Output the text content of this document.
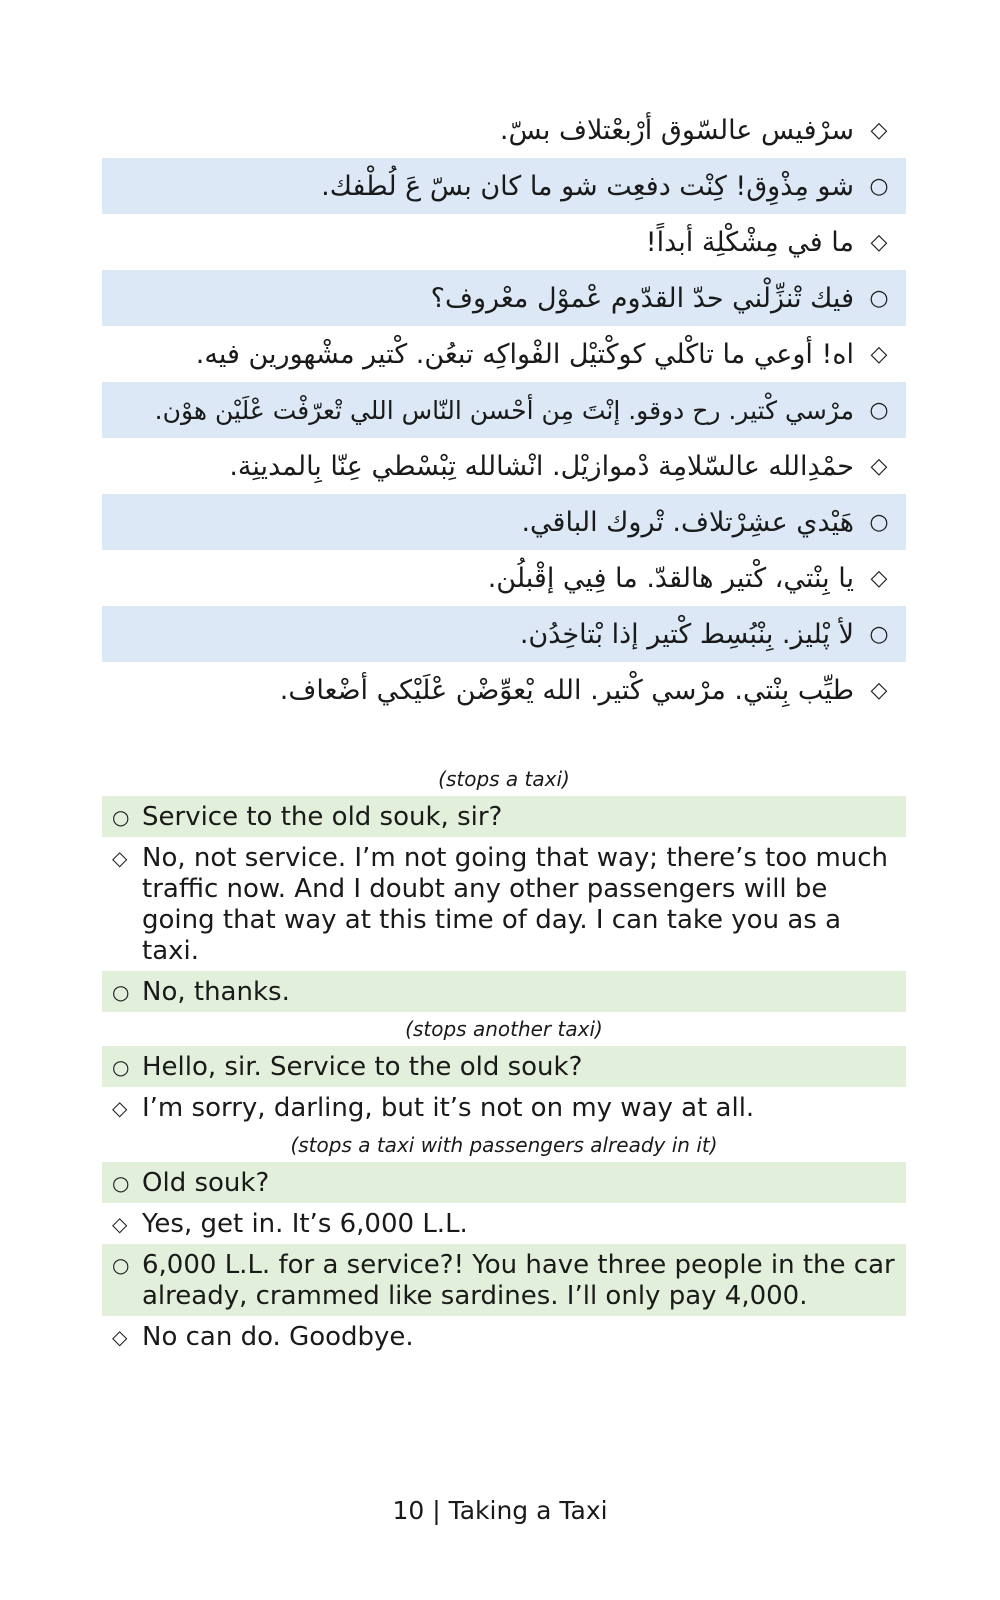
◇
سرْفيس عالسّوق أرْبعْتلاف بسّ.
○
شو مِذْوِق! كِنْت دفعِت شو ما كان بسّ عَ لُطْفك.
◇
ما في مِشْكْلِة أبداً!
○
فيك تْنزِّلْني حدّ القدّوم عْموْل معْروف؟
◇
اه! أوعي ما تاكْلي كوكْتيْل الفْواكِه تبعُن. كْتير مشْهورين فيه.
○
مرْسي كْتير. رح دوقو. إنْتَ مِن أحْسن النّاس اللي تْعرّفْت عْلَيْن هوْن.
◇
حمْدِالله عالسّلامِة دْموازيْل. انْشالله تِبْسْطي عِنّا بِالمدينِة.
○
هَيْدي عشِرْتلاف. تْروك الباقي.
◇
يا بِنْتي، كْتير هالقدّ. ما فِيي إقْبلُن.
○
لأ پْليز. بِنْبُسِط كْتير إذا بْتاخِدُن.
◇
طيِّب بِنْتي. مرْسي كْتير. الله يْعوِّضْن عْلَيْكي أضْعاف.
(stops a taxi)
○ Service to the old souk, sir?
◇ No, not service. I’m not going that way; there’s too much traffic now. And I doubt any other passengers will be going that way at this time of day. I can take you as a taxi.
○ No, thanks.
(stops another taxi)
○ Hello, sir. Service to the old souk?
◇ I’m sorry, darling, but it’s not on my way at all.
(stops a taxi with passengers already in it)
○ Old souk?
◇ Yes, get in. It’s 6,000 L.L.
○ 6,000 L.L. for a service?! You have three people in the car already, crammed like sardines. I’ll only pay 4,000.
◇ No can do. Goodbye.
10 | Taking a Taxi
